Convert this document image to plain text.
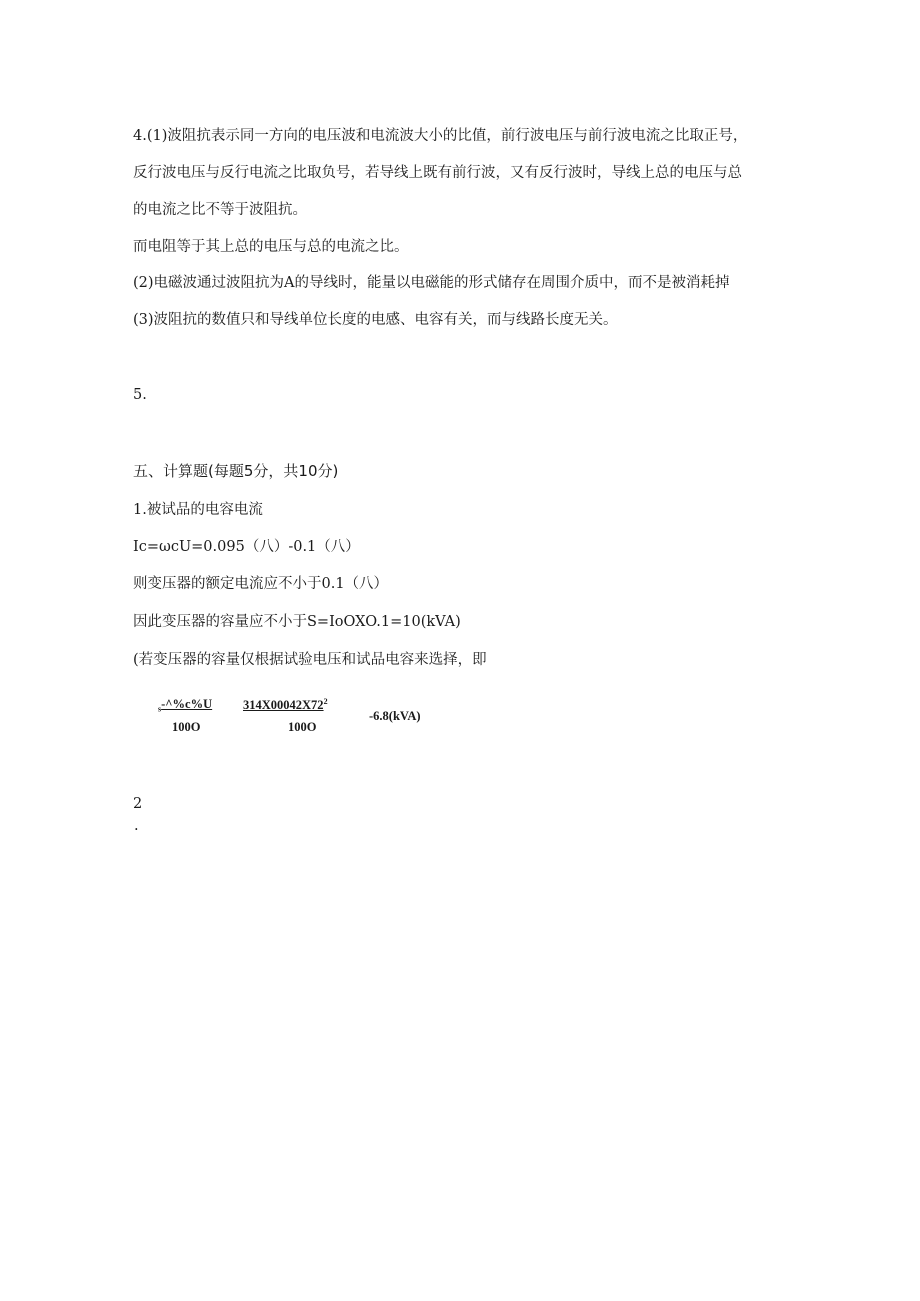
4.(1)波阻抗表示同一方向的电压波和电流波大小的比值，前行波电压与前行波电流之比取正号，
反行波电压与反行电流之比取负号，若导线上既有前行波，又有反行波时，导线上总的电压与总
的电流之比不等于波阻抗。
而电阻等于其上总的电压与总的电流之比。
(2)电磁波通过波阻抗为A的导线时，能量以电磁能的形式储存在周围介质中，而不是被消耗掉
(3)波阻抗的数值只和导线单位长度的电感、电容有关，而与线路长度无关。
5.
五、计算题(每题5分，共10分)
1.被试品的电容电流
Ic=ωcU=0.095（八）-0.1（八）
则变压器的额定电流应不小于0.1（八）
因此变压器的容量应不小于S=IoOXO.1=10(kVA)
(若变压器的容量仅根据试验电压和试品电容来选择，即
$_s$-^%c%U
100O
$314X00042X72^2$
100O
-6.8(kVA)
2
.
